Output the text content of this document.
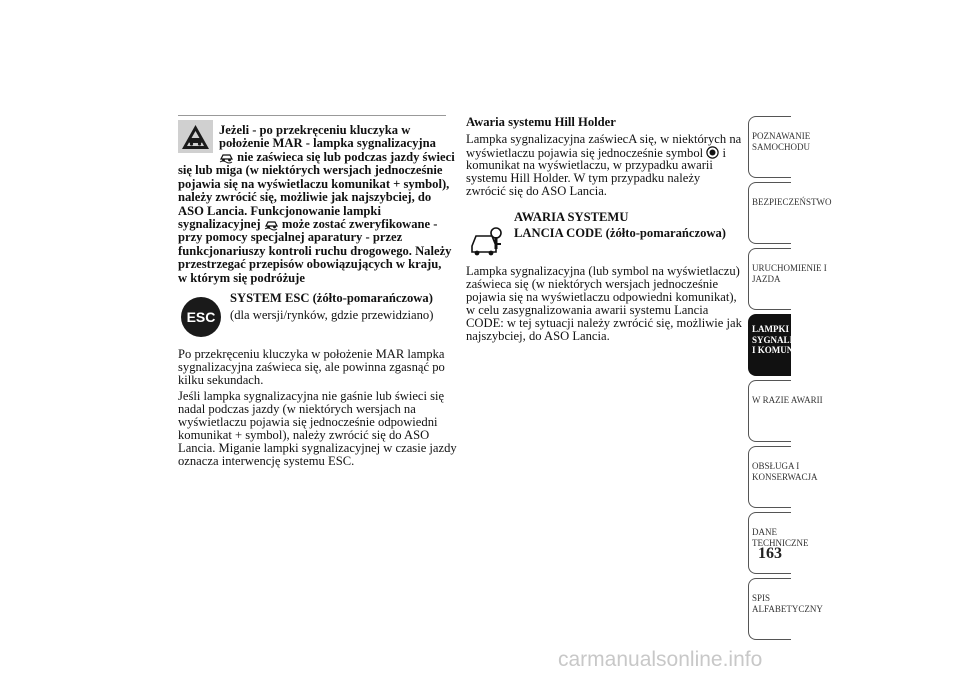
Jeżeli - po przekręceniu kluczyka w
położenie MAR - lampka sygnalizacyjna
nie zaświeca się lub podczas jazdy świeci
się lub miga (w niektórych wersjach jednocześnie
pojawia się na wyświetlaczu komunikat + symbol),
należy zwrócić się, możliwie jak najszybciej, do
ASO Lancia. Funkcjonowanie lampki
sygnalizacyjnej może zostać zweryfikowane -
przy pomocy specjalnej aparatury - przez
funkcjonariuszy kontroli ruchu drogowego. Należy
przestrzegać przepisów obowiązujących w kraju,
w którym się podróżuje
ESC
SYSTEM ESC (żółto-pomarańczowa)
(dla wersji/rynków, gdzie przewidziano)
Po przekręceniu kluczyka w położenie MAR lampka
sygnalizacyjna zaświeca się, ale powinna zgasnąć po
kilku sekundach.
Jeśli lampka sygnalizacyjna nie gaśnie lub świeci się
nadal podczas jazdy (w niektórych wersjach na
wyświetlaczu pojawia się jednocześnie odpowiedni
komunikat + symbol), należy zwrócić się do ASO
Lancia. Miganie lampki sygnalizacyjnej w czasie jazdy
oznacza interwencję systemu ESC.
Awaria systemu Hill Holder
Lampka sygnalizacyjna zaświecA się, w niektórych na
wyświetlaczu pojawia się jednocześnie symbol i
komunikat na wyświetlaczu, w przypadku awarii
systemu Hill Holder. W tym przypadku należy
zwrócić się do ASO Lancia.
AWARIA SYSTEMU
LANCIA CODE (żółto-pomarańczowa)
Lampka sygnalizacyjna (lub symbol na wyświetlaczu)
zaświeca się (w niektórych wersjach jednocześnie
pojawia się na wyświetlaczu odpowiedni komunikat),
w celu zasygnalizowania awarii systemu Lancia
CODE: w tej sytuacji należy zwrócić się, możliwie jak
najszybciej, do ASO Lancia.
POZNAWANIE
SAMOCHODU
BEZPIECZEŃSTWO
URUCHOMIENIE I
JAZDA
LAMPKI
SYGNALIZACYJNE
I KOMUNIKATY
W RAZIE AWARII
OBSŁUGA I
KONSERWACJA
DANE
TECHNICZNE
SPIS
ALFABETYCZNY
163
carmanualsonline.info
